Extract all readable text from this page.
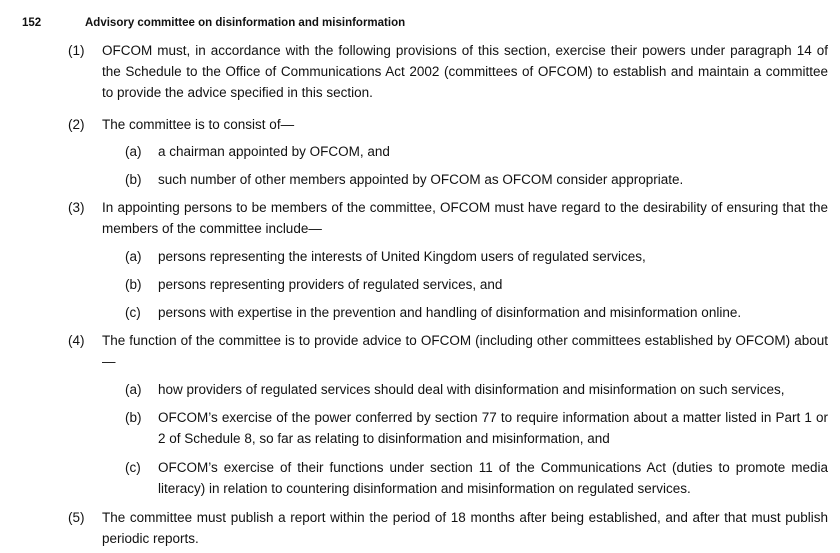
152	Advisory committee on disinformation and misinformation
(1) OFCOM must, in accordance with the following provisions of this section, exercise their powers under paragraph 14 of the Schedule to the Office of Communications Act 2002 (committees of OFCOM) to establish and maintain a committee to provide the advice specified in this section.
(2) The committee is to consist of—
(a) a chairman appointed by OFCOM, and
(b) such number of other members appointed by OFCOM as OFCOM consider appropriate.
(3) In appointing persons to be members of the committee, OFCOM must have regard to the desirability of ensuring that the members of the committee include—
(a) persons representing the interests of United Kingdom users of regulated services,
(b) persons representing providers of regulated services, and
(c) persons with expertise in the prevention and handling of disinformation and misinformation online.
(4) The function of the committee is to provide advice to OFCOM (including other committees established by OFCOM) about—
(a) how providers of regulated services should deal with disinformation and misinformation on such services,
(b) OFCOM’s exercise of the power conferred by section 77 to require information about a matter listed in Part 1 or 2 of Schedule 8, so far as relating to disinformation and misinformation, and
(c) OFCOM’s exercise of their functions under section 11 of the Communications Act (duties to promote media literacy) in relation to countering disinformation and misinformation on regulated services.
(5) The committee must publish a report within the period of 18 months after being established, and after that must publish periodic reports.
